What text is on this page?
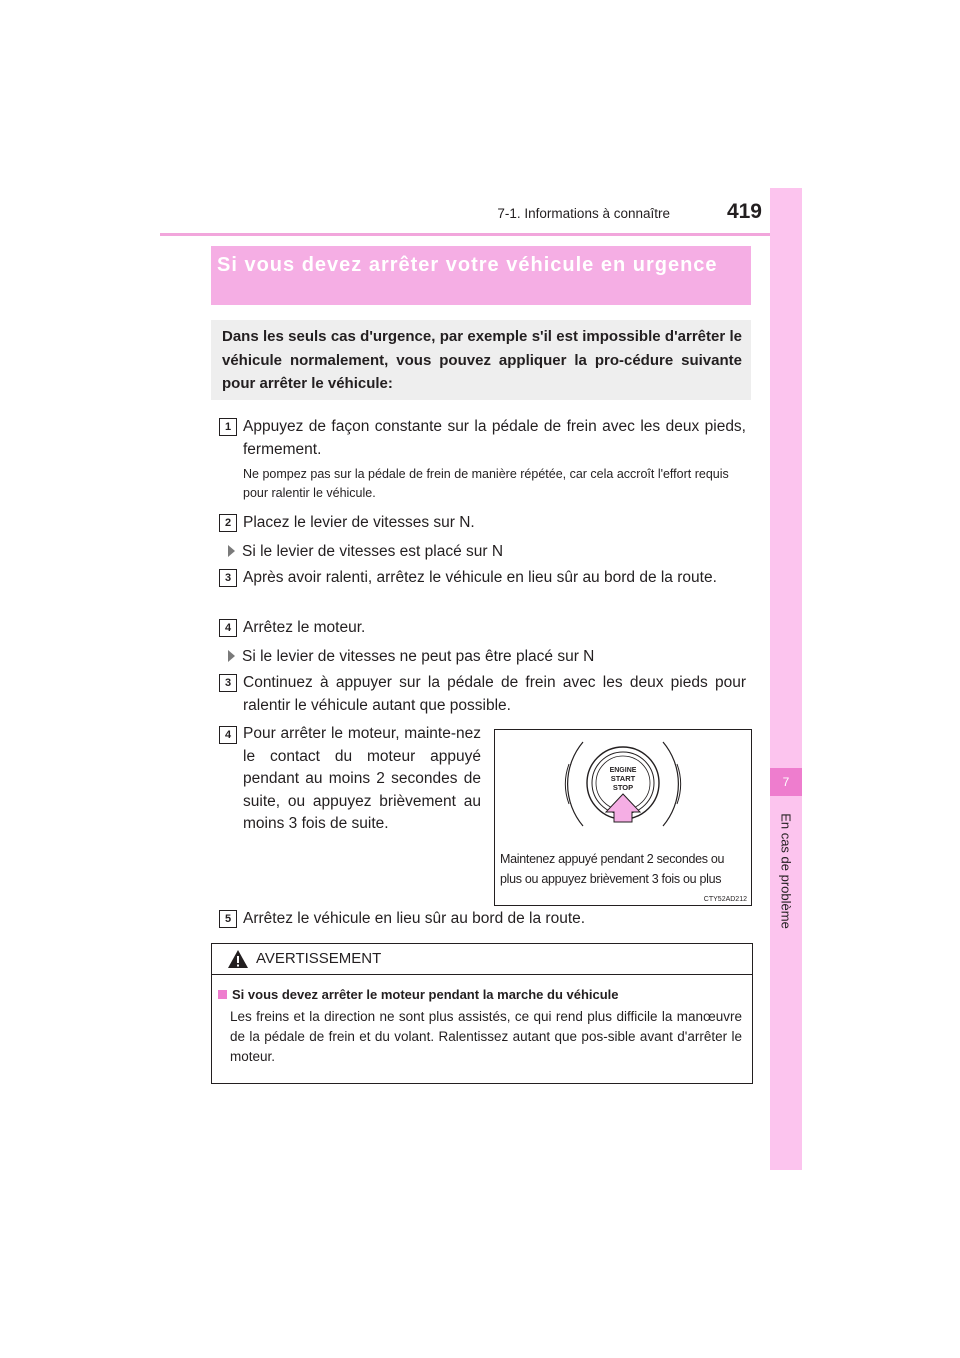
7-1. Informations à connaître	419
7
En cas de problème
Si vous devez arrêter votre véhicule en urgence
Dans les seuls cas d'urgence, par exemple s'il est impossible d'arrêter le véhicule normalement, vous pouvez appliquer la pro-cédure suivante pour arrêter le véhicule:
1 Appuyez de façon constante sur la pédale de frein avec les deux pieds, fermement.
Ne pompez pas sur la pédale de frein de manière répétée, car cela accroît l'effort requis pour ralentir le véhicule.
2 Placez le levier de vitesses sur N.
Si le levier de vitesses est placé sur N
3 Après avoir ralenti, arrêtez le véhicule en lieu sûr au bord de la route.
4 Arrêtez le moteur.
Si le levier de vitesses ne peut pas être placé sur N
3 Continuez à appuyer sur la pédale de frein avec les deux pieds pour ralentir le véhicule autant que possible.
4 Pour arrêter le moteur, mainte-nez le contact du moteur appuyé pendant au moins 2 secondes de suite, ou appuyez brièvement au moins 3 fois de suite.
ENGINE
START
STOP
Maintenez appuyé pendant 2 secondes ou plus ou appuyez brièvement 3 fois ou plus
CTY52AD212
5 Arrêtez le véhicule en lieu sûr au bord de la route.
AVERTISSEMENT
Si vous devez arrêter le moteur pendant la marche du véhicule
Les freins et la direction ne sont plus assistés, ce qui rend plus difficile la manœuvre de la pédale de frein et du volant. Ralentissez autant que pos-sible avant d'arrêter le moteur.
